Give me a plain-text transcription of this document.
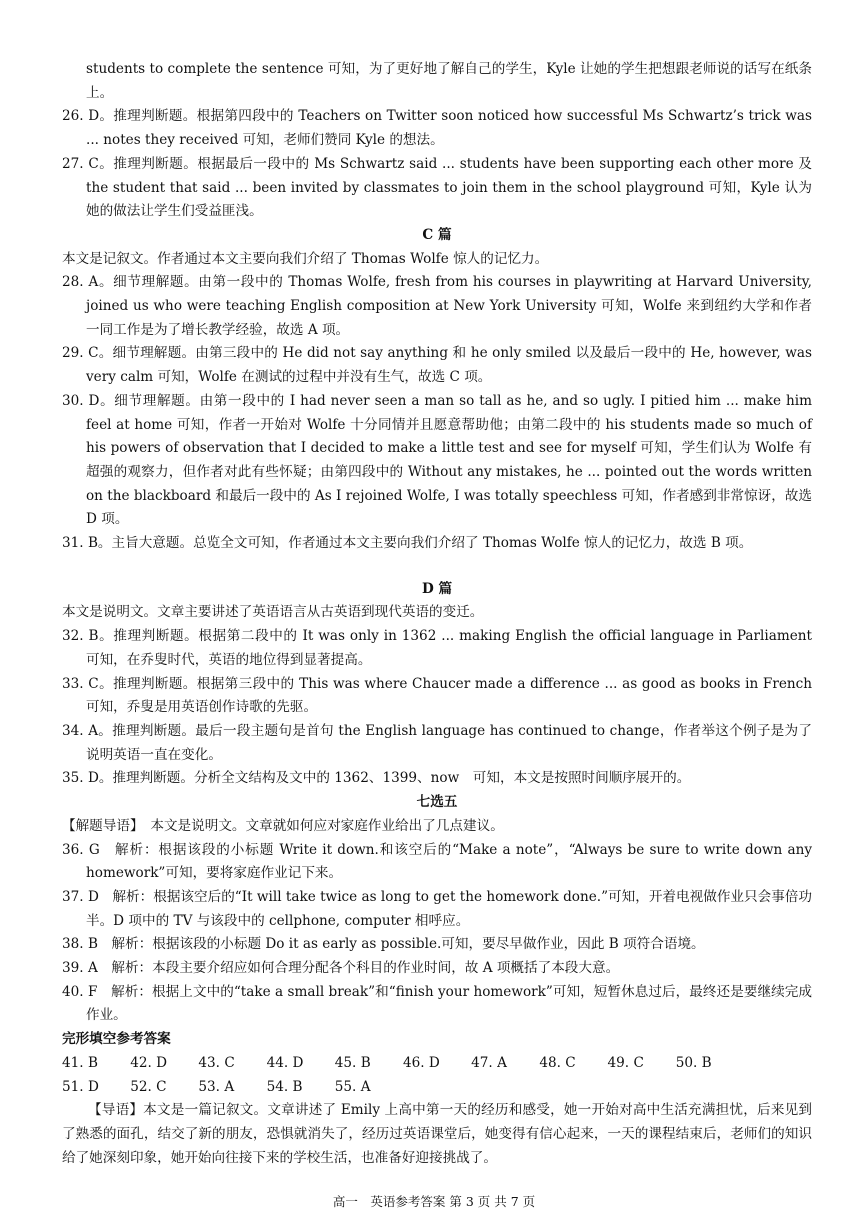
students to complete the sentence 可知，为了更好地了解自己的学生，Kyle 让她的学生把想跟老师说的话写在纸条上。

26. D。推理判断题。根据第四段中的 Teachers on Twitter soon noticed how successful Ms Schwartz’s trick was ... notes they received 可知，老师们赞同 Kyle 的想法。

27. C。推理判断题。根据最后一段中的 Ms Schwartz said ... students have been supporting each other more 及 the student that said ... been invited by classmates to join them in the school playground 可知，Kyle 认为她的做法让学生们受益匪浅。

C 篇

本文是记叙文。作者通过本文主要向我们介绍了 Thomas Wolfe 惊人的记忆力。

28. A。细节理解题。由第一段中的 Thomas Wolfe, fresh from his courses in playwriting at Harvard University, joined us who were teaching English composition at New York University 可知，Wolfe 来到纽约大学和作者一同工作是为了增长教学经验，故选 A 项。

29. C。细节理解题。由第三段中的 He did not say anything 和 he only smiled 以及最后一段中的 He, however, was very calm 可知，Wolfe 在测试的过程中并没有生气，故选 C 项。

30. D。细节理解题。由第一段中的 I had never seen a man so tall as he, and so ugly. I pitied him ... make him feel at home 可知，作者一开始对 Wolfe 十分同情并且愿意帮助他；由第二段中的 his students made so much of his powers of observation that I decided to make a little test and see for myself 可知，学生们认为 Wolfe 有超强的观察力，但作者对此有些怀疑；由第四段中的 Without any mistakes, he ... pointed out the words written on the blackboard 和最后一段中的 As I rejoined Wolfe, I was totally speechless 可知，作者感到非常惊讶，故选 D 项。

31. B。主旨大意题。总览全文可知，作者通过本文主要向我们介绍了 Thomas Wolfe 惊人的记忆力，故选 B 项。

D 篇

本文是说明文。文章主要讲述了英语语言从古英语到现代英语的变迁。

32. B。推理判断题。根据第二段中的 It was only in 1362 ... making English the official language in Parliament 可知，在乔叟时代，英语的地位得到显著提高。

33. C。推理判断题。根据第三段中的 This was where Chaucer made a difference ... as good as books in French 可知，乔叟是用英语创作诗歌的先驱。

34. A。推理判断题。最后一段主题句是首句 the English language has continued to change，作者举这个例子是为了说明英语一直在变化。

35. D。推理判断题。分析全文结构及文中的 1362、1399、now　可知，本文是按照时间顺序展开的。

七选五

【解题导语】　本文是说明文。文章就如何应对家庭作业给出了几点建议。

36. G　解析：根据该段的小标题 Write it down.和该空后的“Make a note”，“Always be sure to write down any homework”可知，要将家庭作业记下来。

37. D　解析：根据该空后的“It will take twice as long to get the homework done.”可知，开着电视做作业只会事倍功半。D 项中的 TV 与该段中的 cellphone, computer 相呼应。

38. B　解析：根据该段的小标题 Do it as early as possible.可知，要尽早做作业，因此 B 项符合语境。

39. A　解析：本段主要介绍应如何合理分配各个科目的作业时间，故 A 项概括了本段大意。

40. F　解析：根据上文中的“take a small break”和“finish your homework”可知，短暂休息过后，最终还是要继续完成作业。

完形填空参考答案

41. B	42. D	43. C	44. D	45. B	46. D	47. A	48. C	49. C	50. B
51. D	52. C	53. A	54. B	55. A

【导语】本文是一篇记叙文。文章讲述了 Emily 上高中第一天的经历和感受，她一开始对高中生活充满担忧，后来见到了熟悉的面孔，结交了新的朋友，恐惧就消失了，经历过英语课堂后，她变得有信心起来，一天的课程结束后，老师们的知识给了她深刻印象，她开始向往接下来的学校生活，也准备好迎接挑战了。

高一　英语参考答案 第 3 页 共 7 页
